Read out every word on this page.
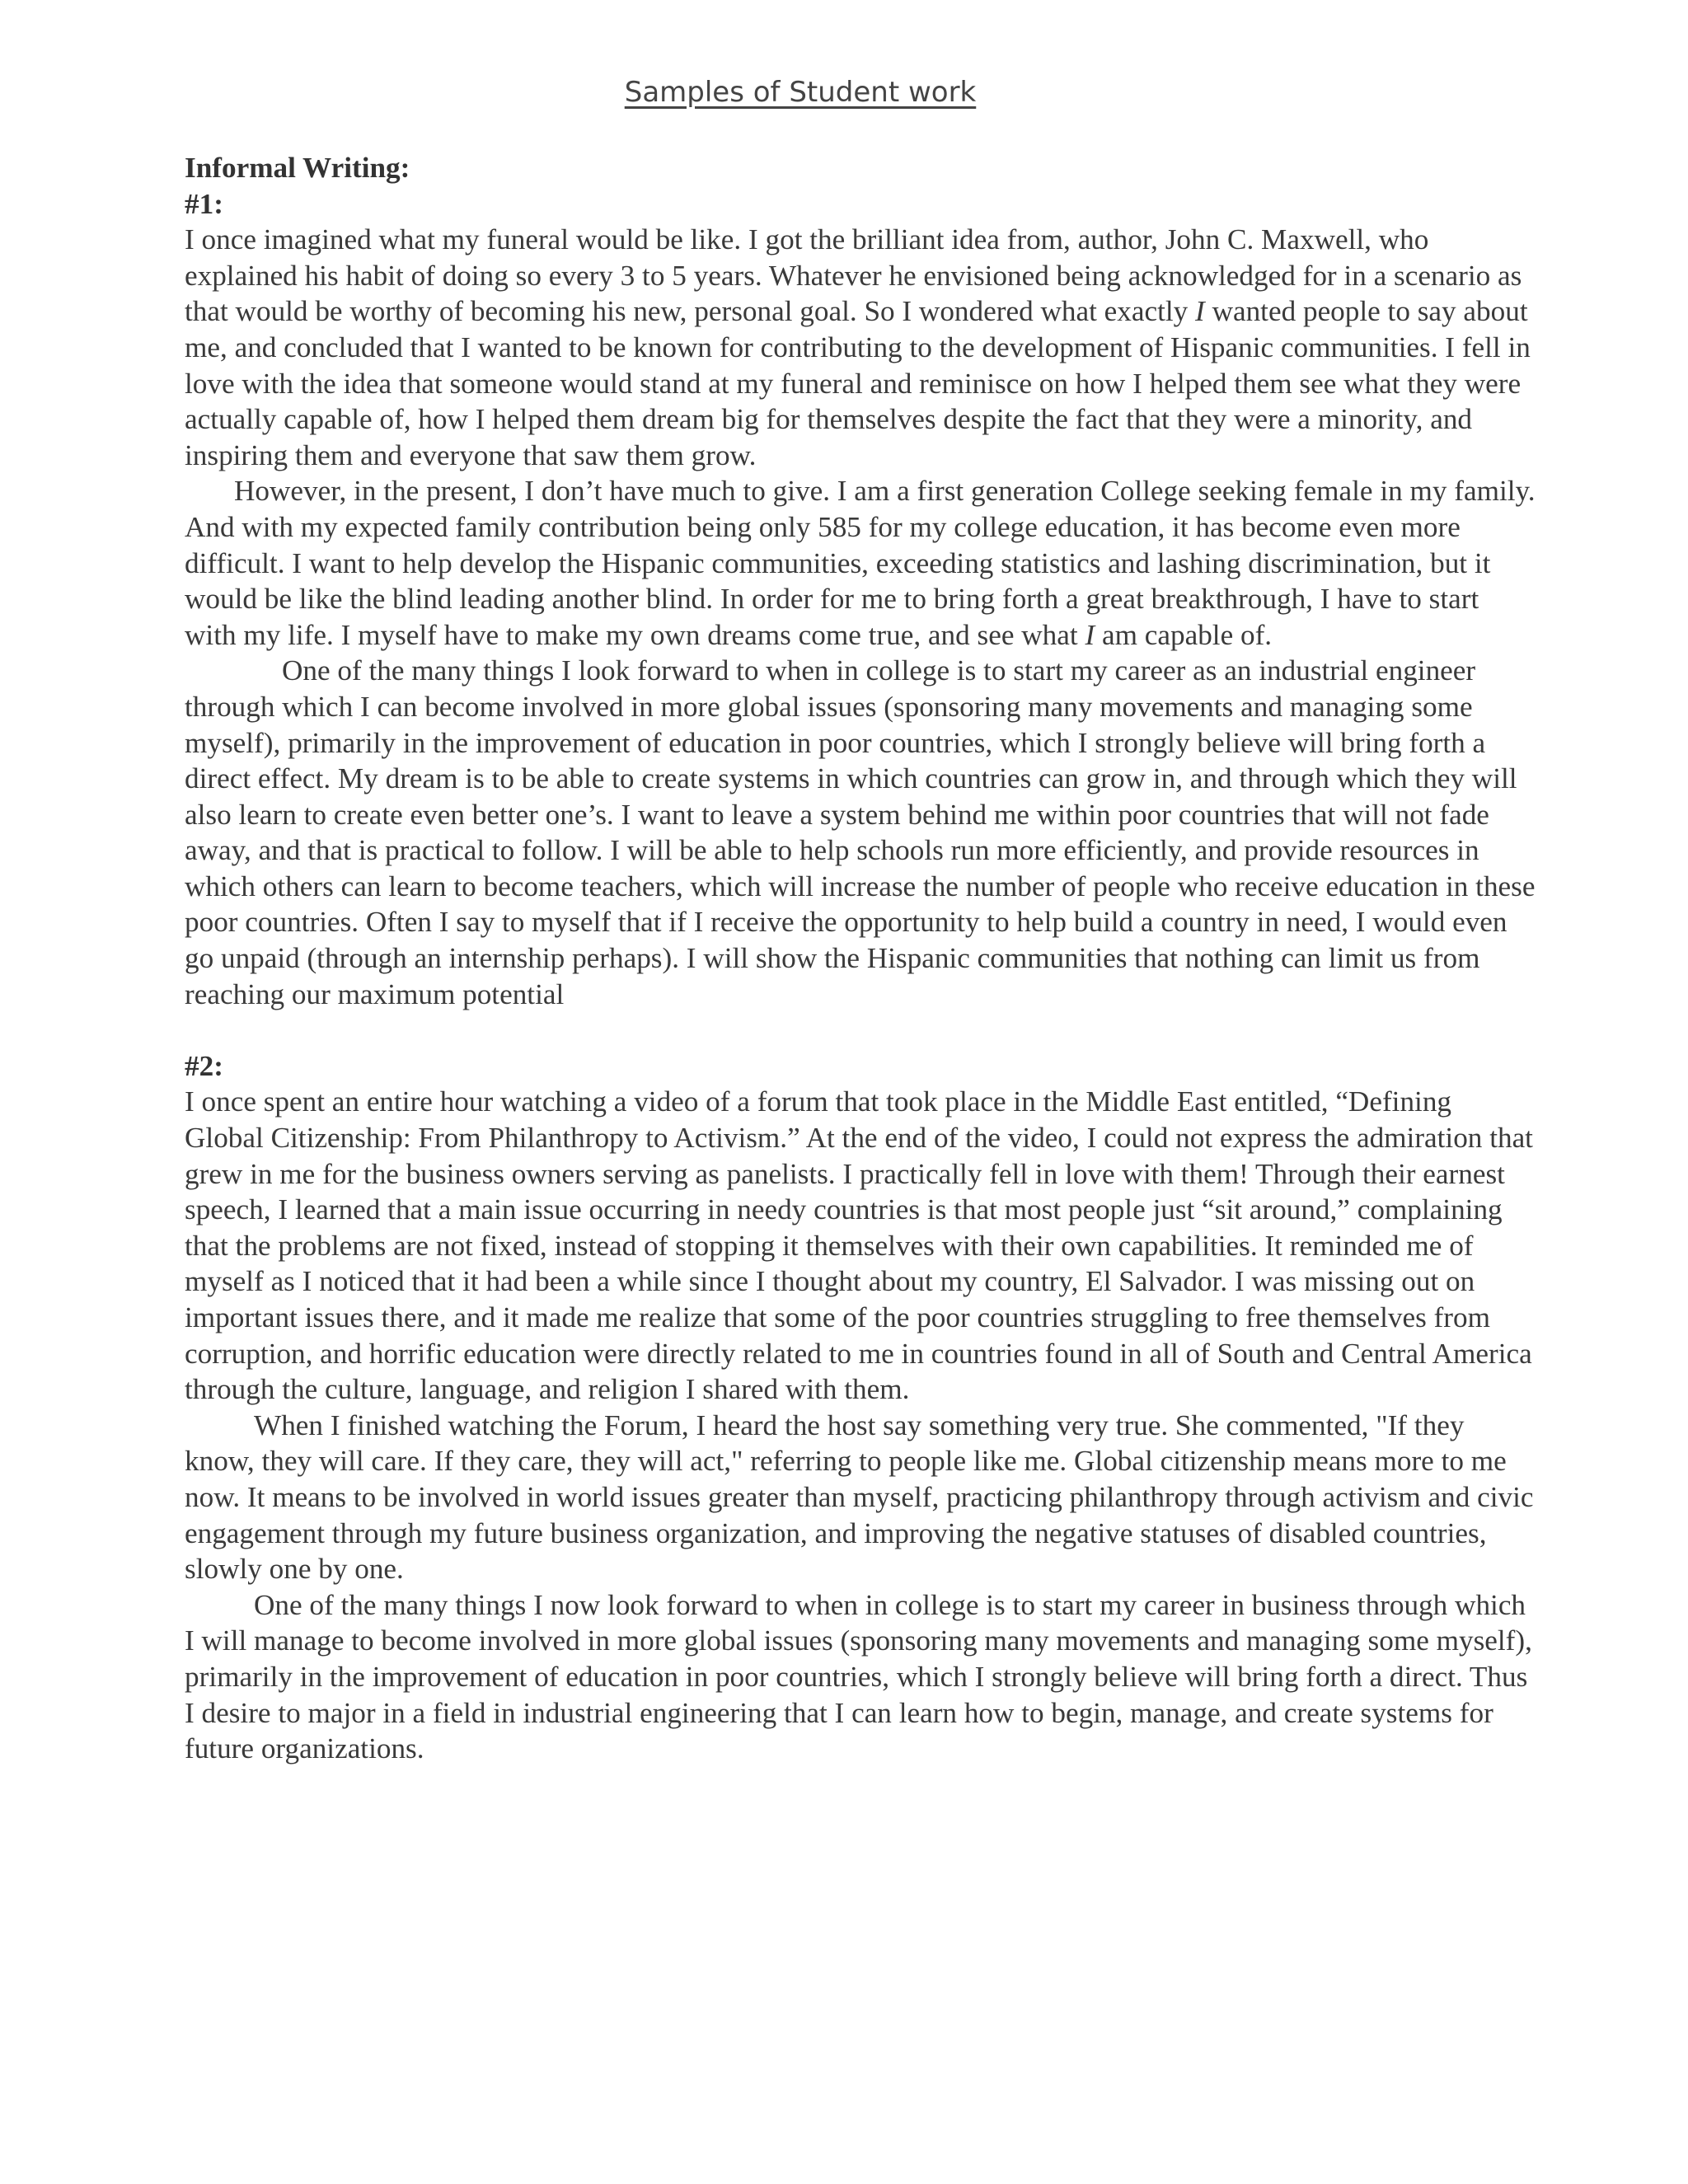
Samples of Student work

Informal Writing:

#1:

I once imagined what my funeral would be like. I got the brilliant idea from, author, John C. Maxwell, who explained his habit of doing so every 3 to 5 years. Whatever he envisioned being acknowledged for in a scenario as that would be worthy of becoming his new, personal goal. So I wondered what exactly I wanted people to say about me, and concluded that I wanted to be known for contributing to the development of Hispanic communities. I fell in love with the idea that someone would stand at my funeral and reminisce on how I helped them see what they were actually capable of, how I helped them dream big for themselves despite the fact that they were a minority, and inspiring them and everyone that saw them grow.

However, in the present, I don’t have much to give. I am a first generation College seeking female in my family. And with my expected family contribution being only 585 for my college education, it has become even more difficult. I want to help develop the Hispanic communities, exceeding statistics and lashing discrimination, but it would be like the blind leading another blind. In order for me to bring forth a great breakthrough, I have to start with my life. I myself have to make my own dreams come true, and see what I am capable of.

One of the many things I look forward to when in college is to start my career as an industrial engineer through which I can become involved in more global issues (sponsoring many movements and managing some myself), primarily in the improvement of education in poor countries, which I strongly believe will bring forth a direct effect. My dream is to be able to create systems in which countries can grow in, and through which they will also learn to create even better one’s. I want to leave a system behind me within poor countries that will not fade away, and that is practical to follow. I will be able to help schools run more efficiently, and provide resources in which others can learn to become teachers, which will increase the number of people who receive education in these poor countries. Often I say to myself that if I receive the opportunity to help build a country in need, I would even go unpaid (through an internship perhaps). I will show the Hispanic communities that nothing can limit us from reaching our maximum potential

#2:

I once spent an entire hour watching a video of a forum that took place in the Middle East entitled, “Defining Global Citizenship: From Philanthropy to Activism.” At the end of the video, I could not express the admiration that grew in me for the business owners serving as panelists. I practically fell in love with them! Through their earnest speech, I learned that a main issue occurring in needy countries is that most people just “sit around,” complaining that the problems are not fixed, instead of stopping it themselves with their own capabilities. It reminded me of myself as I noticed that it had been a while since I thought about my country, El Salvador. I was missing out on important issues there, and it made me realize that some of the poor countries struggling to free themselves from corruption, and horrific education were directly related to me in countries found in all of South and Central America through the culture, language, and religion I shared with them.

When I finished watching the Forum, I heard the host say something very true. She commented, "If they know, they will care. If they care, they will act," referring to people like me. Global citizenship means more to me now. It means to be involved in world issues greater than myself, practicing philanthropy through activism and civic engagement through my future business organization, and improving the negative statuses of disabled countries, slowly one by one.

One of the many things I now look forward to when in college is to start my career in business through which I will manage to become involved in more global issues (sponsoring many movements and managing some myself), primarily in the improvement of education in poor countries, which I strongly believe will bring forth a direct. Thus I desire to major in a field in industrial engineering that I can learn how to begin, manage, and create systems for future organizations.
